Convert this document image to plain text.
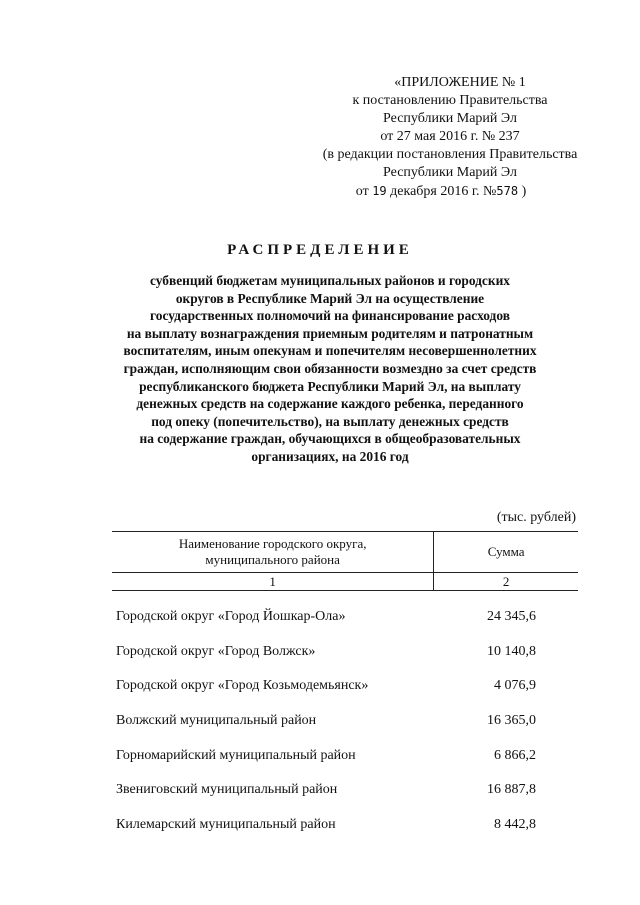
«ПРИЛОЖЕНИЕ № 1
к постановлению Правительства
Республики Марий Эл
от 27 мая 2016 г. № 237
(в редакции постановления Правительства
Республики Марий Эл
от 19 декабря 2016 г. №578 )
РАСПРЕДЕЛЕНИЕ
субвенций бюджетам муниципальных районов и городских
округов в Республике Марий Эл на осуществление
государственных полномочий на финансирование расходов
на выплату вознаграждения приемным родителям и патронатным
воспитателям, иным опекунам и попечителям несовершеннолетних
граждан, исполняющим свои обязанности возмездно за счет средств
республиканского бюджета Республики Марий Эл, на выплату
денежных средств на содержание каждого ребенка, переданного
под опеку (попечительство), на выплату денежных средств
на содержание граждан, обучающихся в общеобразовательных
организациях, на 2016 год
(тыс. рублей)
Наименование городского округа,
муниципального района	Сумма
1	2
Городской округ «Город Йошкар-Ола»	24 345,6
Городской округ «Город Волжск»	10 140,8
Городской округ «Город Козьмодемьянск»	4 076,9
Волжский муниципальный район	16 365,0
Горномарийский муниципальный район	6 866,2
Звениговский муниципальный район	16 887,8
Килемарский муниципальный район	8 442,8
